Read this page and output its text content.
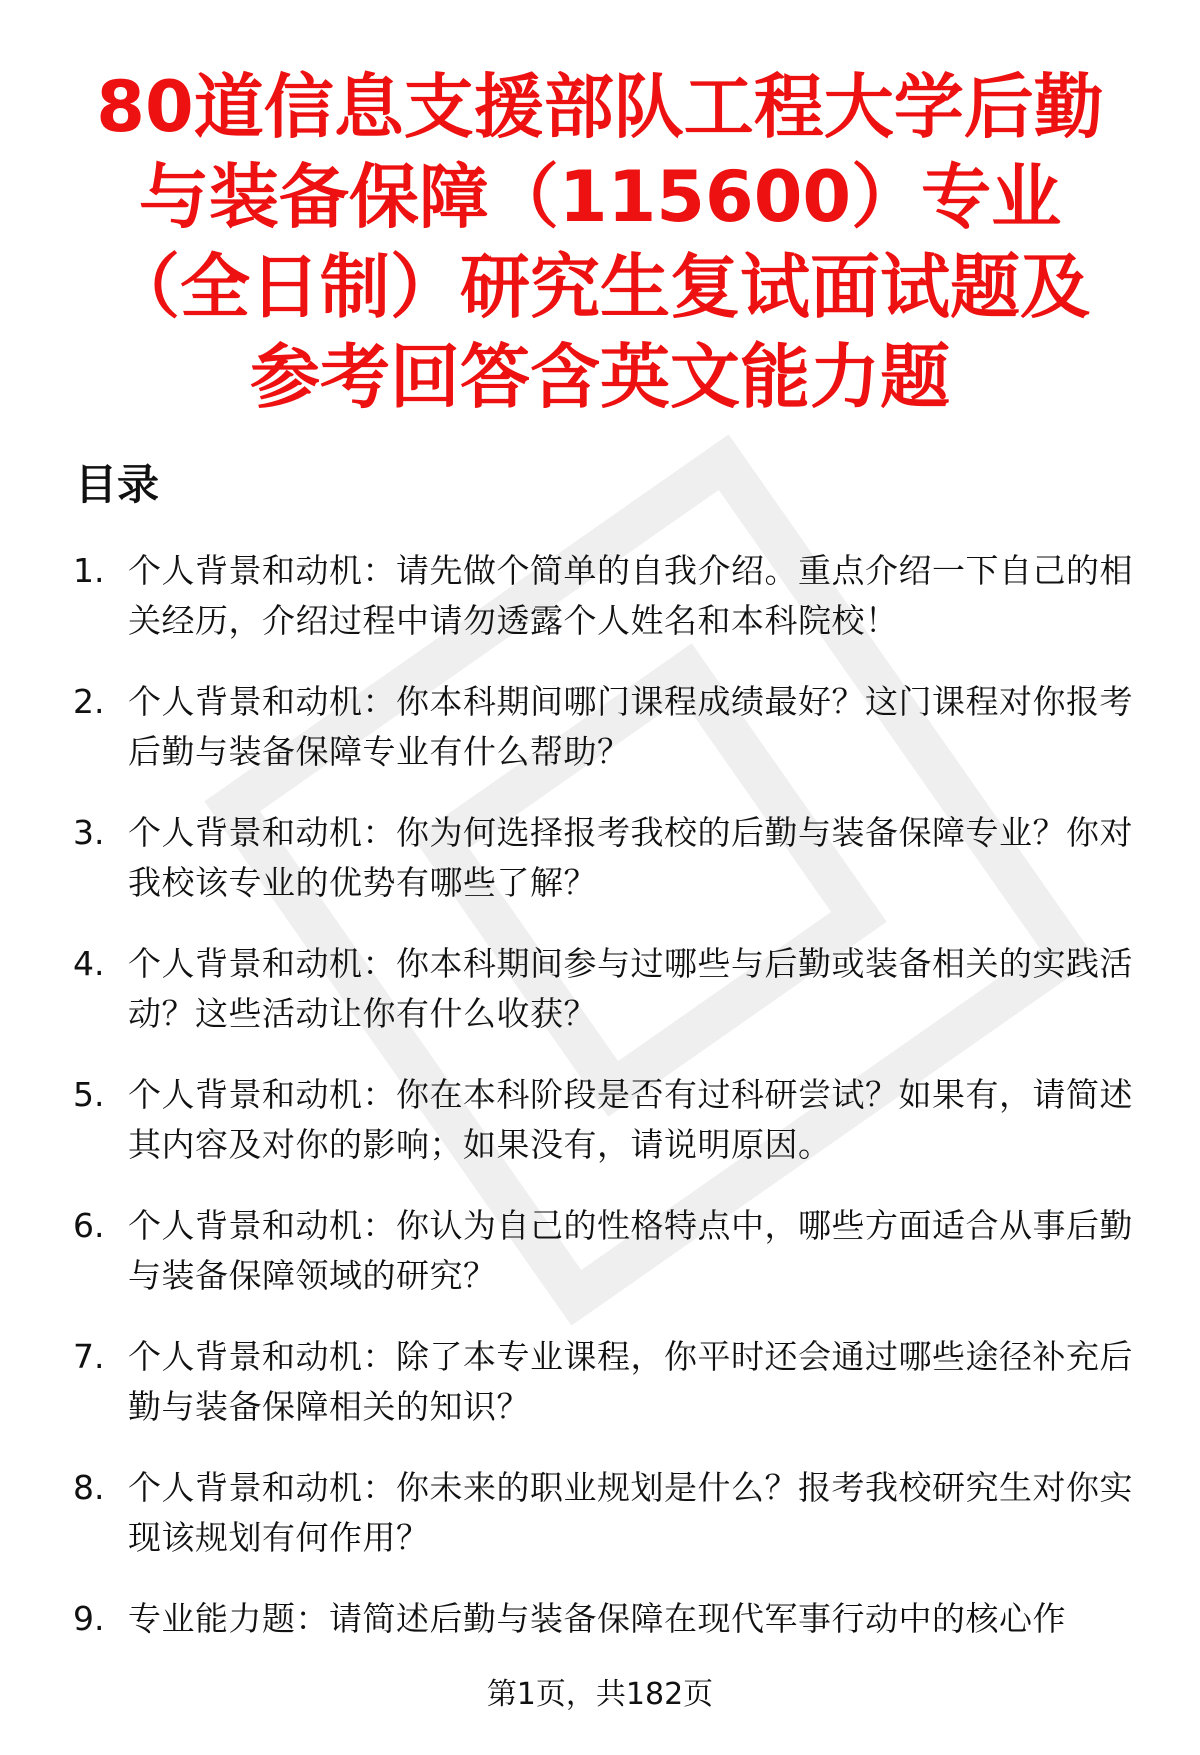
80道信息支援部队工程大学后勤与装备保障（115600）专业（全日制）研究生复试面试题及参考回答含英文能力题
目录
1. 个人背景和动机：请先做个简单的自我介绍。重点介绍一下自己的相关经历，介绍过程中请勿透露个人姓名和本科院校！
2. 个人背景和动机：你本科期间哪门课程成绩最好？这门课程对你报考后勤与装备保障专业有什么帮助？
3. 个人背景和动机：你为何选择报考我校的后勤与装备保障专业？你对我校该专业的优势有哪些了解？
4. 个人背景和动机：你本科期间参与过哪些与后勤或装备相关的实践活动？这些活动让你有什么收获？
5. 个人背景和动机：你在本科阶段是否有过科研尝试？如果有，请简述其内容及对你的影响；如果没有，请说明原因。
6. 个人背景和动机：你认为自己的性格特点中，哪些方面适合从事后勤与装备保障领域的研究？
7. 个人背景和动机：除了本专业课程，你平时还会通过哪些途径补充后勤与装备保障相关的知识？
8. 个人背景和动机：你未来的职业规划是什么？报考我校研究生对你实现该规划有何作用？
9. 专业能力题：请简述后勤与装备保障在现代军事行动中的核心作
第1页，共182页
